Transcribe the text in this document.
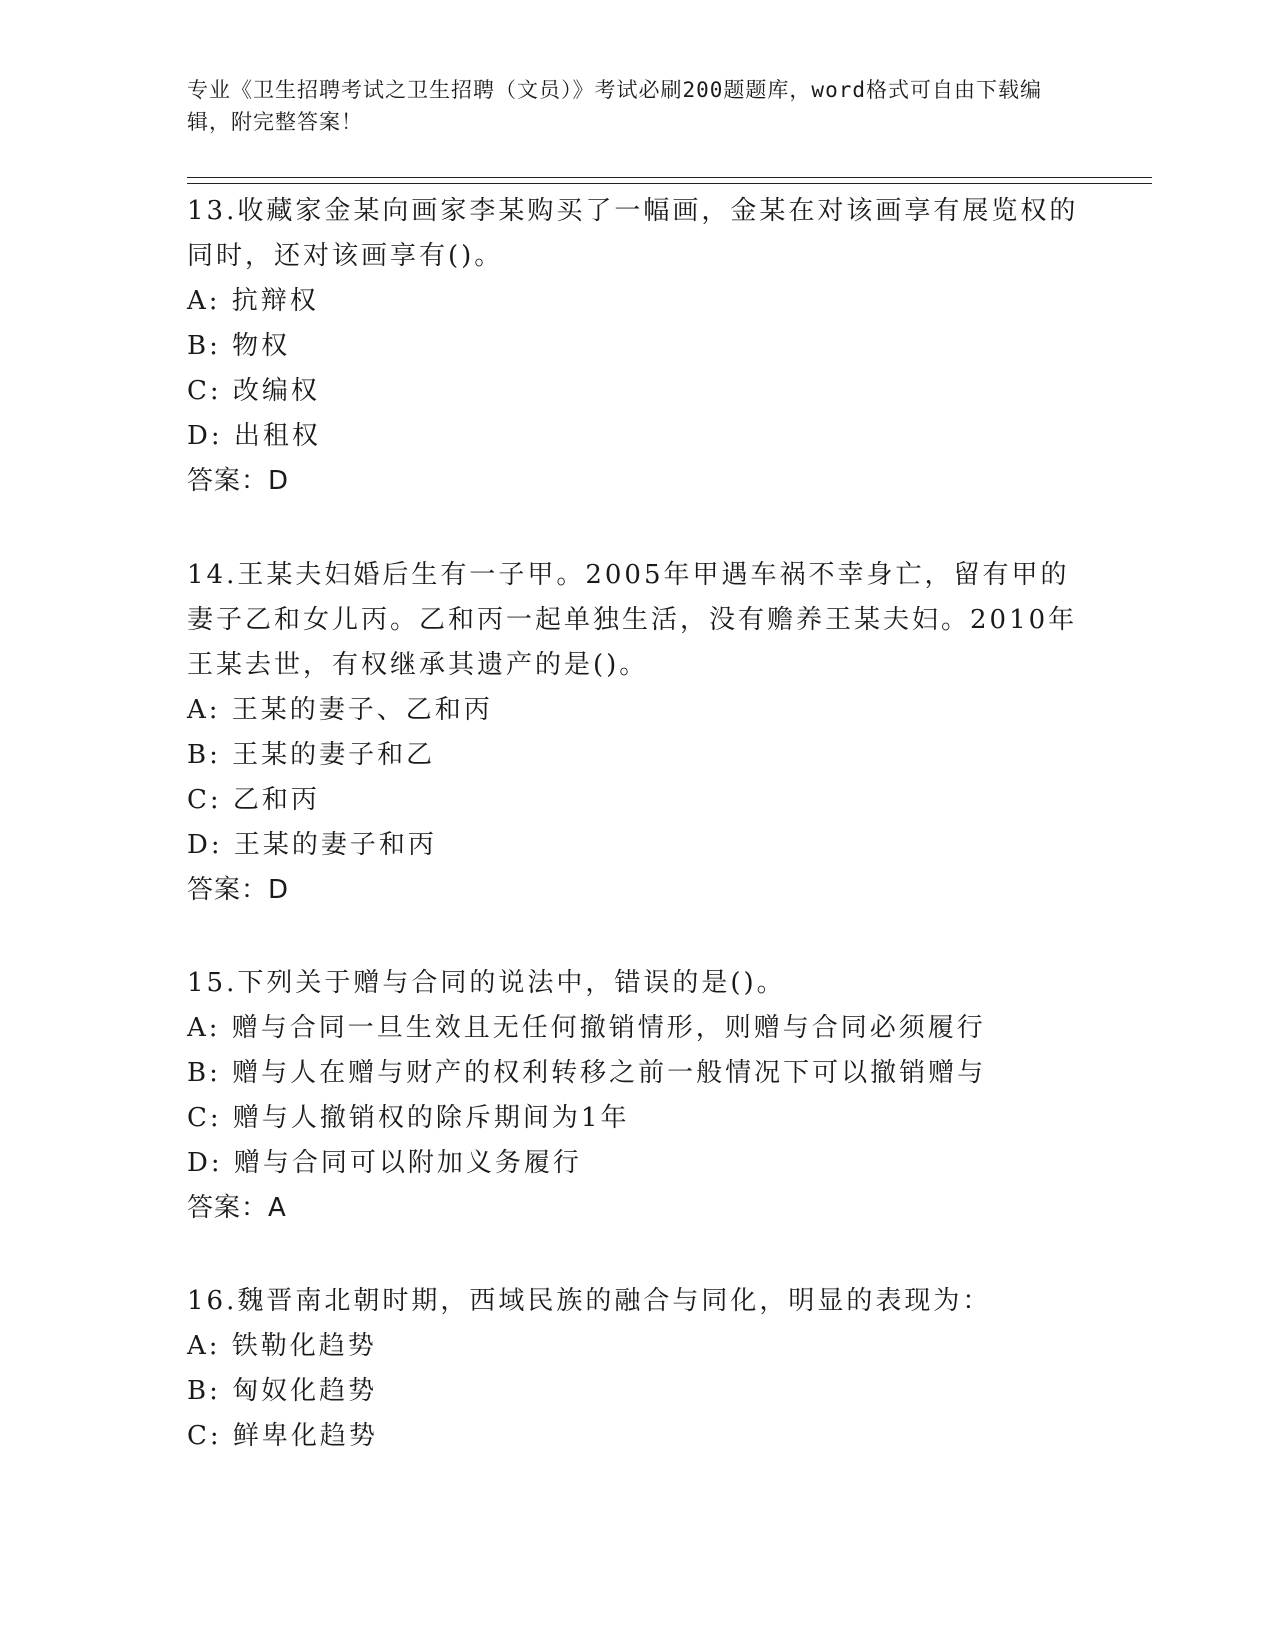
专业《卫生招聘考试之卫生招聘（文员）》考试必刷200题题库，word格式可自由下载编辑，附完整答案！
13.收藏家金某向画家李某购买了一幅画，金某在对该画享有展览权的同时，还对该画享有()。
A: 抗辩权
B: 物权
C: 改编权
D: 出租权
答案：D
14.王某夫妇婚后生有一子甲。2005年甲遇车祸不幸身亡，留有甲的妻子乙和女儿丙。乙和丙一起单独生活，没有赡养王某夫妇。2010年王某去世，有权继承其遗产的是()。
A: 王某的妻子、乙和丙
B: 王某的妻子和乙
C: 乙和丙
D: 王某的妻子和丙
答案：D
15.下列关于赠与合同的说法中，错误的是()。
A: 赠与合同一旦生效且无任何撤销情形，则赠与合同必须履行
B: 赠与人在赠与财产的权利转移之前一般情况下可以撤销赠与
C: 赠与人撤销权的除斥期间为1年
D: 赠与合同可以附加义务履行
答案：A
16.魏晋南北朝时期，西域民族的融合与同化，明显的表现为：
A: 铁勒化趋势
B: 匈奴化趋势
C: 鲜卑化趋势
